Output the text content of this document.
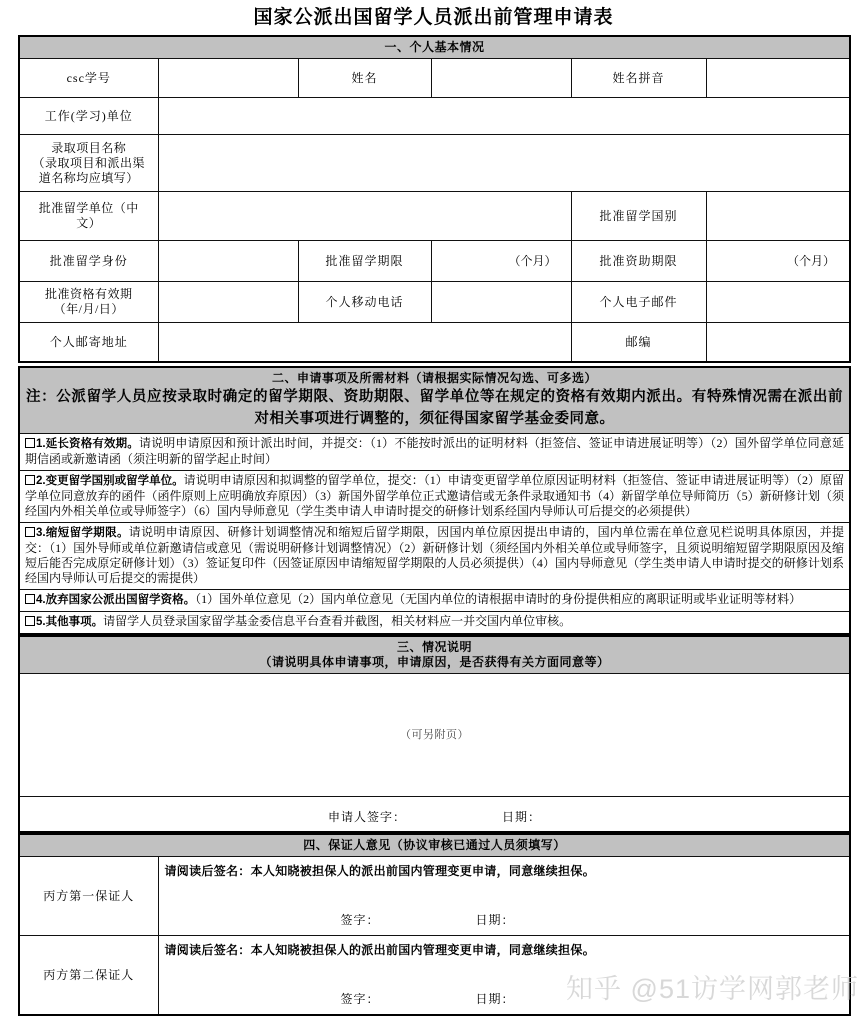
国家公派出国留学人员派出前管理申请表
一、个人基本情况					
csc学号		姓名		姓名拼音	
工作(学习)单位					

录取项目名称
（录取项目和派出渠
道名称均应填写）					

批准留学单位（中
文）				批准留学国别	
批准留学身份		批准留学期限	（个月）	批准资助期限	（个月）

批准资格有效期
（年/月/日）		个人移动电话		个人电子邮件	
个人邮寄地址				邮编	
二、申请事项及所需材料（请根据实际情况勾选、可多选）
注：公派留学人员应按录取时确定的留学期限、资助期限、留学单位等在规定的资格有效期内派出。有特殊情况需在派出前对相关事项进行调整的，须征得国家留学基金委同意。

1.延长资格有效期。请说明申请原因和预计派出时间，并提交：（1）不能按时派出的证明材料（拒签信、签证申请进展证明等）（2）国外留学单位同意延期信函或新邀请函（须注明新的留学起止时间）
2.变更留学国别或留学单位。请说明申请原因和拟调整的留学单位，提交：（1）申请变更留学单位原因证明材料（拒签信、签证申请进展证明等）（2）原留学单位同意放弃的函件（函件原则上应明确放弃原因）（3）新国外留学单位正式邀请信或无条件录取通知书（4）新留学单位导师简历（5）新研修计划（须经国内外相关单位或导师签字）（6）国内导师意见（学生类申请人申请时提交的研修计划系经国内导师认可后提交的必须提供）
3.缩短留学期限。请说明申请原因、研修计划调整情况和缩短后留学期限，因国内单位原因提出申请的，国内单位需在单位意见栏说明具体原因，并提交：（1）国外导师或单位新邀请信或意见（需说明研修计划调整情况）（2）新研修计划（须经国内外相关单位或导师签字，且须说明缩短留学期限原因及缩短后能否完成原定研修计划）（3）签证复印件（因签证原因申请缩短留学期限的人员必须提供）（4）国内导师意见（学生类申请人申请时提交的研修计划系经国内导师认可后提交的需提供）
4.放弃国家公派出国留学资格。（1）国外单位意见（2）国内单位意见（无国内单位的请根据申请时的身份提供相应的离职证明或毕业证明等材料）
5.其他事项。请留学人员登录国家留学基金委信息平台查看并截图，相关材料应一并交国内单位审核。
三、情况说明
（请说明具体申请事项，申请原因，是否获得有关方面同意等）

（可另附页）

申请人签字：	日期：
四、保证人意见（协议审核已通过人员须填写）	
丙方第一保证人	请阅读后签名：本人知晓被担保人的派出前国内管理变更申请，同意继续担保。
签字： 日期：

丙方第二保证人	请阅读后签名：本人知晓被担保人的派出前国内管理变更申请，同意继续担保。
签字： 日期： 知乎 @51访学网郭老师
